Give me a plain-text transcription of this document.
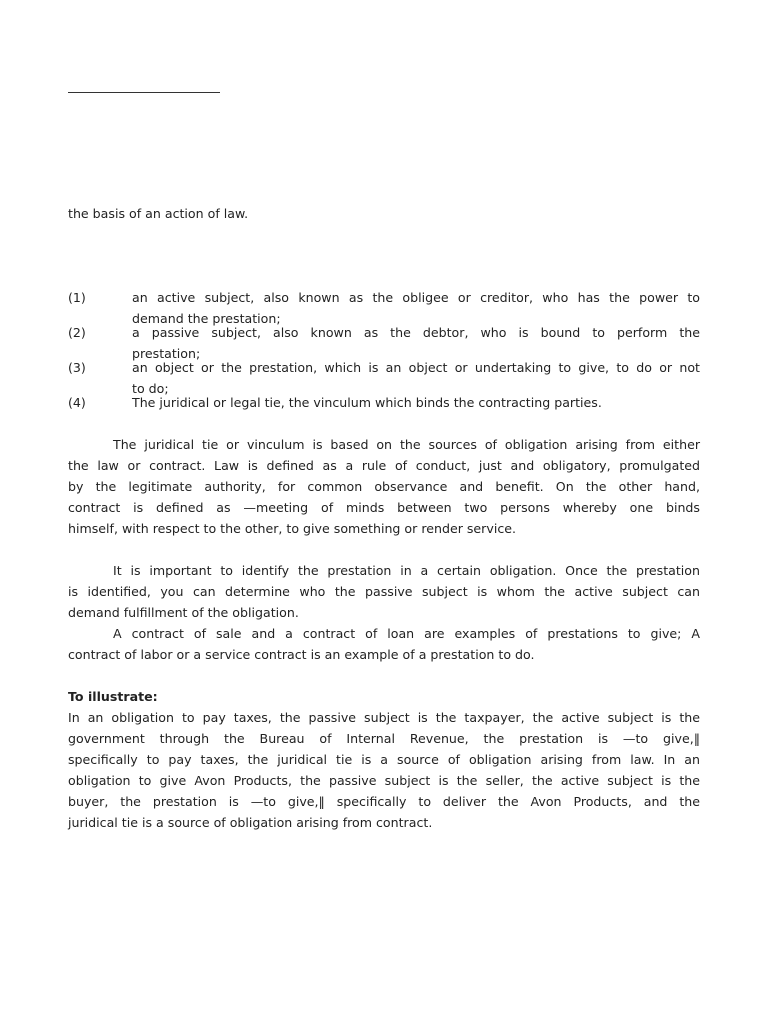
the basis of an action of law.
(1)	an active subject, also known as the obligee or creditor, who has the power to
demand the prestation;
(2)	a passive subject, also known as the debtor, who is bound to perform the
prestation;
(3)	an object or the prestation, which is an object or undertaking to give, to do or not
to do;
(4)	The juridical or legal tie, the vinculum which binds the contracting parties.
The juridical tie or vinculum is based on the sources of obligation arising from either
the law or contract. Law is defined as a rule of conduct, just and obligatory, promulgated
by the legitimate authority, for common observance and benefit. On the other hand,
contract is defined as —meeting of minds between two persons whereby one binds
himself, with respect to the other, to give something or render service.
It is important to identify the prestation in a certain obligation. Once the prestation
is identified, you can determine who the passive subject is whom the active subject can
demand fulfillment of the obligation.
A contract of sale and a contract of loan are examples of prestations to give; A
contract of labor or a service contract is an example of a prestation to do.
To illustrate:
In an obligation to pay taxes, the passive subject is the taxpayer, the active subject is the
government through the Bureau of Internal Revenue, the prestation is —to give,‖
specifically to pay taxes, the juridical tie is a source of obligation arising from law. In an
obligation to give Avon Products, the passive subject is the seller, the active subject is the
buyer, the prestation is —to give,‖ specifically to deliver the Avon Products, and the
juridical tie is a source of obligation arising from contract.
